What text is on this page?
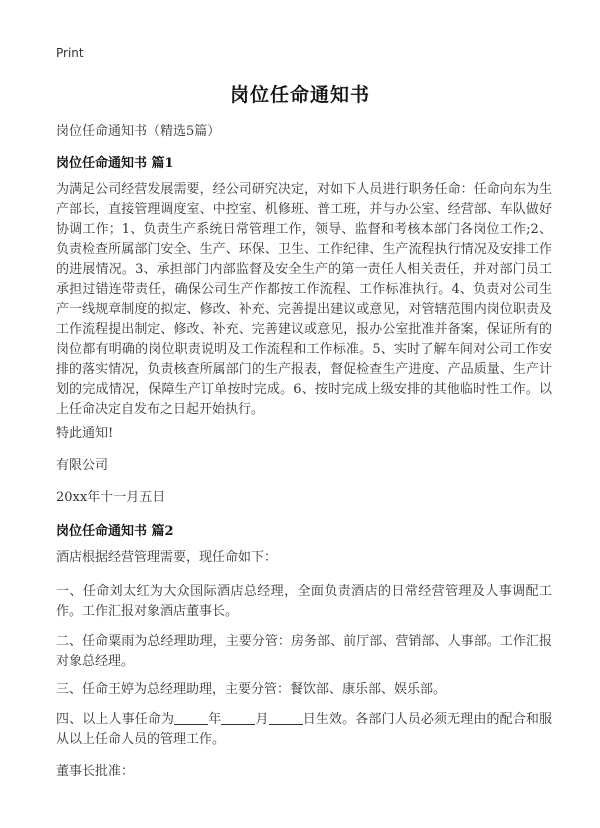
Print
岗位任命通知书
岗位任命通知书（精选5篇）
岗位任命通知书 篇1
为满足公司经营发展需要，经公司研究决定，对如下人员进行职务任命：任命向东为生产部长，直接管理调度室、中控室、机修班、普工班，并与办公室、经营部、车队做好协调工作；1、负责生产系统日常管理工作，领导、监督和考核本部门各岗位工作;2、负责检查所属部门安全、生产、环保、卫生、工作纪律、生产流程执行情况及安排工作的进展情况。3、承担部门内部监督及安全生产的第一责任人相关责任，并对部门员工承担过错连带责任，确保公司生产作都按工作流程、工作标准执行。4、负责对公司生产一线规章制度的拟定、修改、补充、完善提出建议或意见，对管辖范围内岗位职责及工作流程提出制定、修改、补充、完善建议或意见，报办公室批准并备案，保证所有的岗位都有明确的岗位职责说明及工作流程和工作标准。5、实时了解车间对公司工作安排的落实情况，负责核查所属部门的生产报表，督促检查生产进度、产品质量、生产计划的完成情况，保障生产订单按时完成。6、按时完成上级安排的其他临时性工作。以上任命决定自发布之日起开始执行。
特此通知!
有限公司
20xx年十一月五日
岗位任命通知书 篇2
酒店根据经营管理需要，现任命如下：
一、任命刘太红为大众国际酒店总经理，全面负责酒店的日常经营管理及人事调配工作。工作汇报对象酒店董事长。
二、任命粟雨为总经理助理，主要分管：房务部、前厅部、营销部、人事部。工作汇报对象总经理。
三、任命王婷为总经理助理，主要分管：餐饮部、康乐部、娱乐部。
四、以上人事任命为	年	月	日生效。各部门人员必须无理由的配合和服从以上任命人员的管理工作。
董事长批准：
